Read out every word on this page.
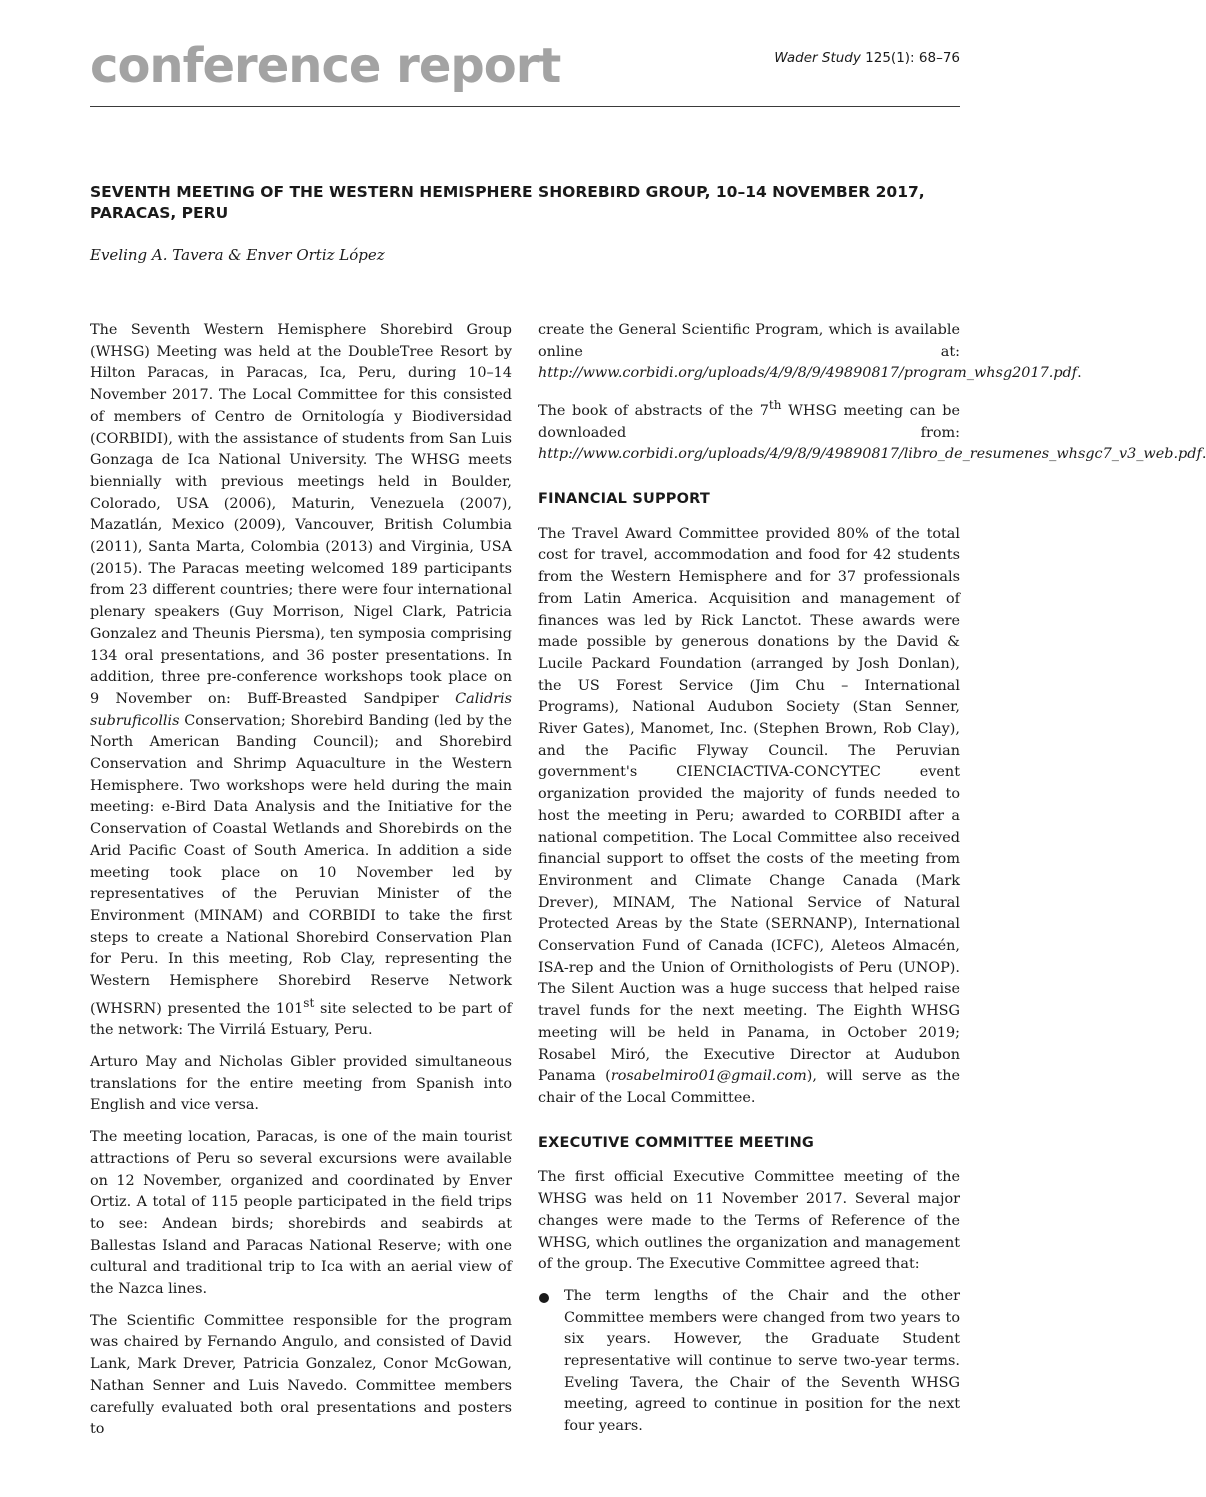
conference report	Wader Study 125(1): 68–76
SEVENTH MEETING OF THE WESTERN HEMISPHERE SHOREBIRD GROUP, 10–14 NOVEMBER 2017, PARACAS, PERU
Eveling A. Tavera & Enver Ortiz López

The Seventh Western Hemisphere Shorebird Group (WHSG) Meeting was held at the DoubleTree Resort by Hilton Paracas, in Paracas, Ica, Peru, during 10–14 November 2017. The Local Committee for this consisted of members of Centro de Ornitología y Biodiversidad (CORBIDI), with the assistance of students from San Luis Gonzaga de Ica National University. The WHSG meets biennially with previous meetings held in Boulder, Colorado, USA (2006), Maturin, Venezuela (2007), Mazatlán, Mexico (2009), Vancouver, British Columbia (2011), Santa Marta, Colombia (2013) and Virginia, USA (2015). The Paracas meeting welcomed 189 participants from 23 different countries; there were four international plenary speakers (Guy Morrison, Nigel Clark, Patricia Gonzalez and Theunis Piersma), ten symposia comprising 134 oral presentations, and 36 poster presentations. In addition, three pre-conference workshops took place on 9 November on: Buff-Breasted Sandpiper Calidris subruficollis Conservation; Shorebird Banding (led by the North American Banding Council); and Shorebird Conservation and Shrimp Aquaculture in the Western Hemisphere. Two workshops were held during the main meeting: e-Bird Data Analysis and the Initiative for the Conservation of Coastal Wetlands and Shorebirds on the Arid Pacific Coast of South America. In addition a side meeting took place on 10 November led by representatives of the Peruvian Minister of the Environment (MINAM) and CORBIDI to take the first steps to create a National Shorebird Conservation Plan for Peru. In this meeting, Rob Clay, representing the Western Hemisphere Shorebird Reserve Network (WHSRN) presented the 101st site selected to be part of the network: The Virrilá Estuary, Peru.

Arturo May and Nicholas Gibler provided simultaneous translations for the entire meeting from Spanish into English and vice versa.

The meeting location, Paracas, is one of the main tourist attractions of Peru so several excursions were available on 12 November, organized and coordinated by Enver Ortiz. A total of 115 people participated in the field trips to see: Andean birds; shorebirds and seabirds at Ballestas Island and Paracas National Reserve; with one cultural and traditional trip to Ica with an aerial view of the Nazca lines.

The Scientific Committee responsible for the program was chaired by Fernando Angulo, and consisted of David Lank, Mark Drever, Patricia Gonzalez, Conor McGowan, Nathan Senner and Luis Navedo. Committee members carefully evaluated both oral presentations and posters to

create the General Scientific Program, which is available online at: http://www.corbidi.org/uploads/4/9/8/9/49890817/program_whsg2017.pdf.

The book of abstracts of the 7th WHSG meeting can be downloaded from: http://www.corbidi.org/uploads/4/9/8/9/49890817/libro_de_resumenes_whsgc7_v3_web.pdf.

FINANCIAL SUPPORT

The Travel Award Committee provided 80% of the total cost for travel, accommodation and food for 42 students from the Western Hemisphere and for 37 professionals from Latin America. Acquisition and management of finances was led by Rick Lanctot. These awards were made possible by generous donations by the David & Lucile Packard Foundation (arranged by Josh Donlan), the US Forest Service (Jim Chu – International Programs), National Audubon Society (Stan Senner, River Gates), Manomet, Inc. (Stephen Brown, Rob Clay), and the Pacific Flyway Council. The Peruvian government's CIENCIACTIVA-CONCYTEC event organization provided the majority of funds needed to host the meeting in Peru; awarded to CORBIDI after a national competition. The Local Committee also received financial support to offset the costs of the meeting from Environment and Climate Change Canada (Mark Drever), MINAM, The National Service of Natural Protected Areas by the State (SERNANP), International Conservation Fund of Canada (ICFC), Aleteos Almacén, ISA-rep and the Union of Ornithologists of Peru (UNOP). The Silent Auction was a huge success that helped raise travel funds for the next meeting. The Eighth WHSG meeting will be held in Panama, in October 2019; Rosabel Miró, the Executive Director at Audubon Panama (rosabelmiro01@gmail.com), will serve as the chair of the Local Committee.

EXECUTIVE COMMITTEE MEETING

The first official Executive Committee meeting of the WHSG was held on 11 November 2017. Several major changes were made to the Terms of Reference of the WHSG, which outlines the organization and management of the group. The Executive Committee agreed that:

The term lengths of the Chair and the other Committee members were changed from two years to six years. However, the Graduate Student representative will continue to serve two-year terms. Eveling Tavera, the Chair of the Seventh WHSG meeting, agreed to continue in position for the next four years.
